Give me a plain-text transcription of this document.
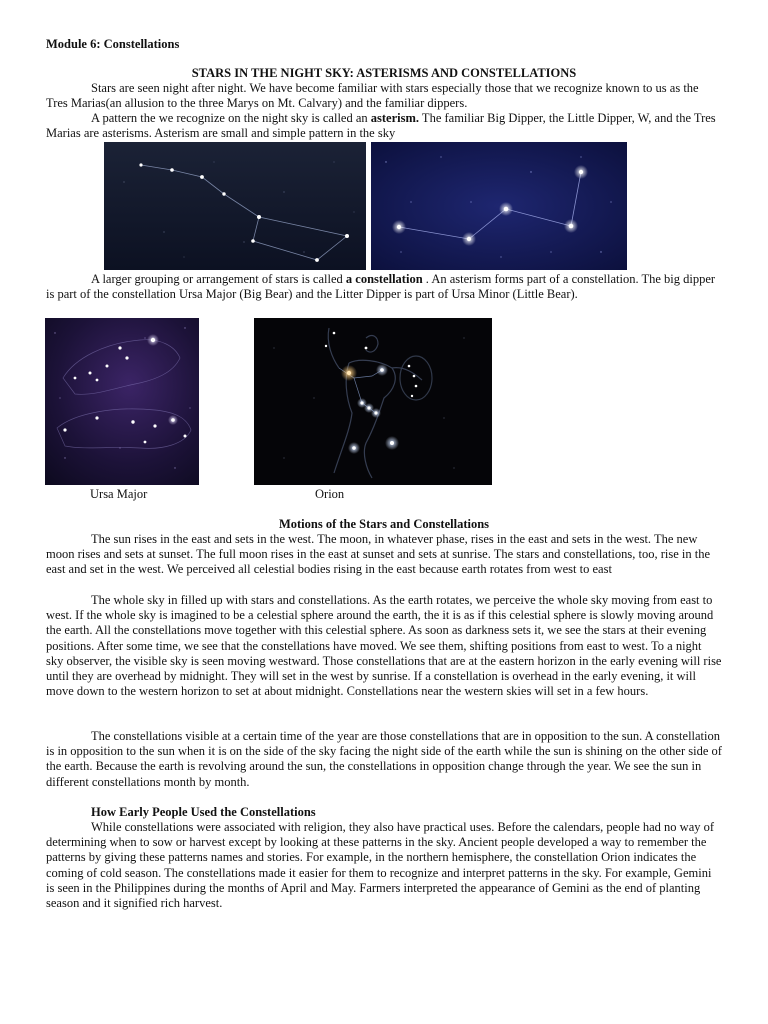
Module 6: Constellations
STARS IN THE NIGHT SKY: ASTERISMS AND CONSTELLATIONS
Stars are seen night after night. We have become familiar with stars especially those that we recognize known to us as the Tres Marias(an allusion to the three Marys on Mt. Calvary) and the familiar dippers.
A pattern the we recognize on the night sky is called an asterism. The familiar Big Dipper, the Little Dipper, W, and the Tres Marias are asterisms. Asterism are small and simple pattern in the sky
A larger grouping or arrangement of stars is called a constellation . An asterism forms part of a constellation. The big dipper is part of the constellation Ursa Major (Big Bear) and the Litter Dipper is part of Ursa Minor (Little Bear).
Ursa Major	Orion
Motions of the Stars and Constellations
The sun rises in the east and sets in the west. The moon, in whatever phase, rises in the east and sets in the west. The new moon rises and sets at sunset. The full moon rises in the east at sunset and sets at sunrise. The stars and constellations, too, rise in the east and set in the west. We perceived all celestial bodies rising in the east because earth rotates from west to east
The whole sky in filled up with stars and constellations. As the earth rotates, we perceive the whole sky moving from east to west. If the whole sky is imagined to be a celestial sphere around the earth, the it is as if this celestial sphere is slowly moving around the earth. All the constellations move together with this celestial sphere. As soon as darkness sets it, we see the stars at their evening positions. After some time, we see that the constellations have moved. We see them, shifting positions from east to west. To a night sky observer, the visible sky is seen moving westward. Those constellations that are at the eastern horizon in the early evening will rise until they are overhead by midnight. They will set in the west by sunrise. If a constellation is overhead in the early evening, it will move down to the western horizon to set at about midnight. Constellations near the western skies will set in a few hours.
The constellations visible at a certain time of the year are those constellations that are in opposition to the sun. A constellation is in opposition to the sun when it is on the side of the sky facing the night side of the earth while the sun is shining on the other side of the earth. Because the earth is revolving around the sun, the constellations in opposition change through the year. We see the sun in different constellations month by month.
How Early People Used the Constellations
While constellations were associated with religion, they also have practical uses. Before the calendars, people had no way of determining when to sow or harvest except by looking at these patterns in the sky. Ancient people developed a way to remember the patterns by giving these patterns names and stories. For example, in the northern hemisphere, the constellation Orion indicates the coming of cold season. The constellations made it easier for them to recognize and interpret patterns in the sky. For example, Gemini is seen in the Philippines during the months of April and May. Farmers interpreted the appearance of Gemini as the end of planting season and it signified rich harvest.
